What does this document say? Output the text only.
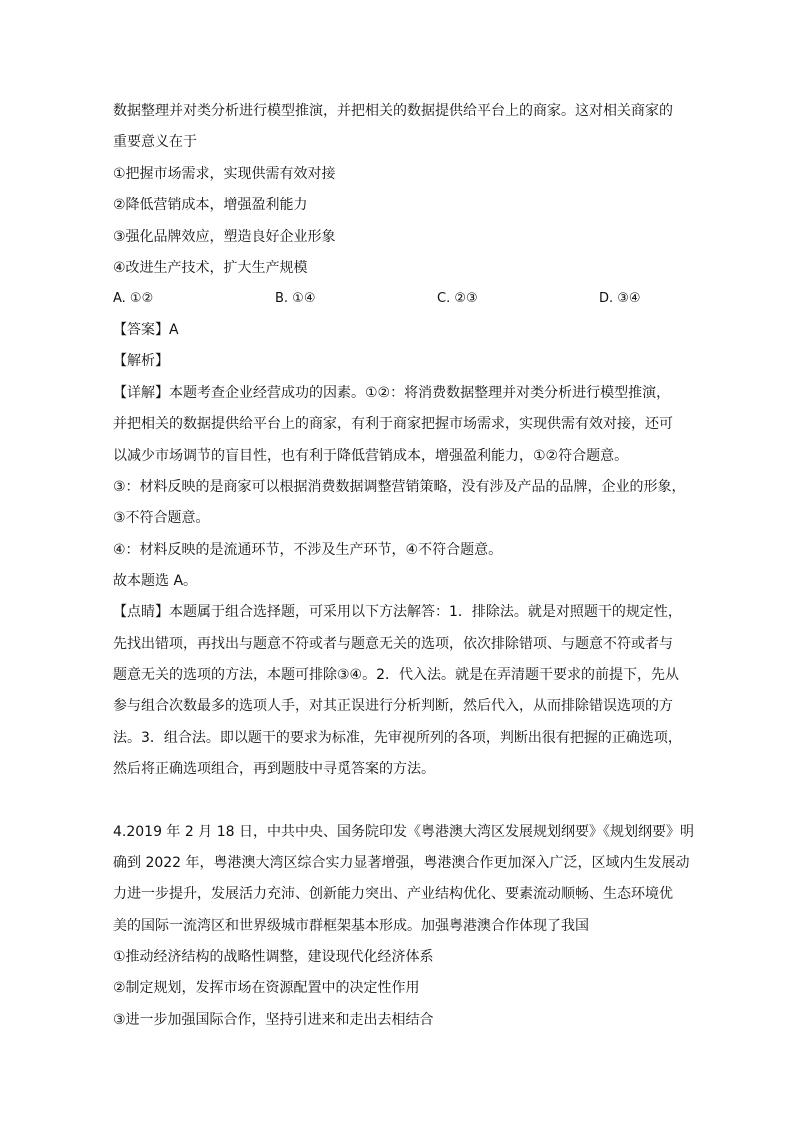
数据整理并对类分析进行模型推演，并把相关的数据提供给平台上的商家。这对相关商家的
重要意义在于
①把握市场需求，实现供需有效对接
②降低营销成本，增强盈利能力
③强化品牌效应，塑造良好企业形象
④改进生产技术，扩大生产规模
A. ①②	B. ①④	C. ②③	D. ③④
【答案】A
【解析】
【详解】本题考查企业经营成功的因素。①②：将消费数据整理并对类分析进行模型推演，
并把相关的数据提供给平台上的商家，有利于商家把握市场需求，实现供需有效对接，还可
以减少市场调节的盲目性，也有利于降低营销成本，增强盈利能力，①②符合题意。
③：材料反映的是商家可以根据消费数据调整营销策略，没有涉及产品的品牌，企业的形象，
③不符合题意。
④：材料反映的是流通环节，不涉及生产环节，④不符合题意。
故本题选 A。
【点睛】本题属于组合选择题，可采用以下方法解答：1．排除法。就是对照题干的规定性，
先找出错项，再找出与题意不符或者与题意无关的选项，依次排除错项、与题意不符或者与
题意无关的选项的方法，本题可排除③④。2．代入法。就是在弄清题干要求的前提下，先从
参与组合次数最多的选项人手，对其正误进行分析判断，然后代入，从而排除错误选项的方
法。3．组合法。即以题干的要求为标准，先审视所列的各项，判断出很有把握的正确选项，
然后将正确选项组合，再到题肢中寻觅答案的方法。
4.2019 年 2 月 18 日，中共中央、国务院印发《粤港澳大湾区发展规划纲要》《规划纲要》明
确到 2022 年，粤港澳大湾区综合实力显著增强，粤港澳合作更加深入广泛，区域内生发展动
力进一步提升，发展活力充沛、创新能力突出、产业结构优化、要素流动顺畅、生态环境优
美的国际一流湾区和世界级城市群框架基本形成。加强粤港澳合作体现了我国
①推动经济结构的战略性调整，建设现代化经济体系
②制定规划，发挥市场在资源配置中的决定性作用
③进一步加强国际合作，坚持引进来和走出去相结合
